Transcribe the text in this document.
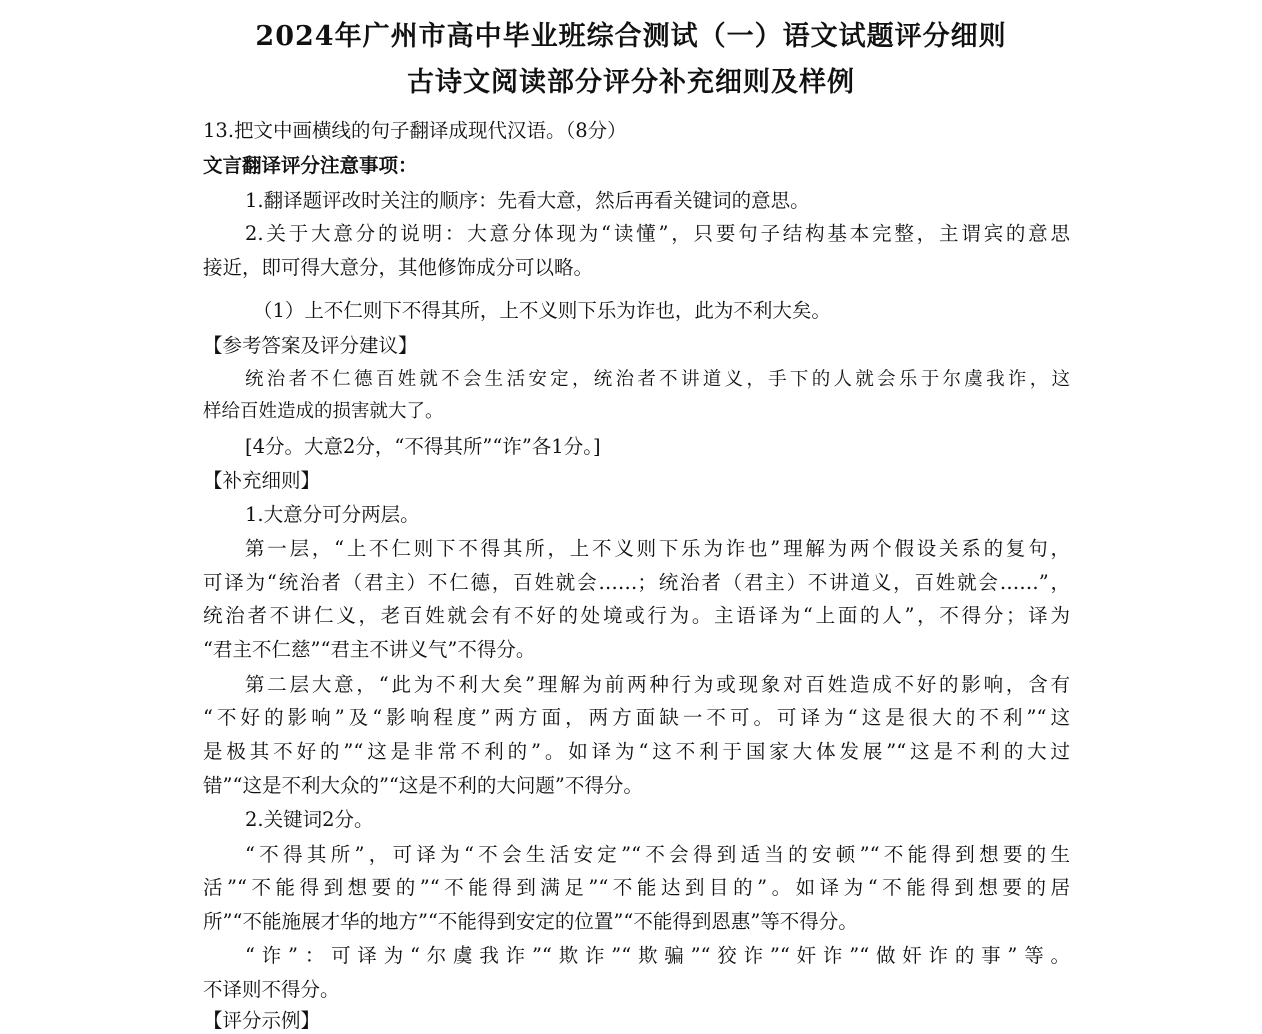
2024年广州市高中毕业班综合测试（一）语文试题评分细则
古诗文阅读部分评分补充细则及样例
13.把文中画横线的句子翻译成现代汉语。（8分）
文言翻译评分注意事项：
1.翻译题评改时关注的顺序：先看大意，然后再看关键词的意思。
2.关于大意分的说明：大意分体现为“读懂”，只要句子结构基本完整，主谓宾的意思
接近，即可得大意分，其他修饰成分可以略。
（1）上不仁则下不得其所，上不义则下乐为诈也，此为不利大矣。
【参考答案及评分建议】
统治者不仁德百姓就不会生活安定，统治者不讲道义，手下的人就会乐于尔虞我诈，这
样给百姓造成的损害就大了。
[4分。大意2分，“不得其所”“诈”各1分。]
【补充细则】
1.大意分可分两层。
第一层，“上不仁则下不得其所，上不义则下乐为诈也”理解为两个假设关系的复句，
可译为“统治者（君主）不仁德，百姓就会……；统治者（君主）不讲道义，百姓就会……”，
统治者不讲仁义，老百姓就会有不好的处境或行为。主语译为“上面的人”，不得分；译为
“君主不仁慈”“君主不讲义气”不得分。
第二层大意，“此为不利大矣”理解为前两种行为或现象对百姓造成不好的影响，含有
“不好的影响”及“影响程度”两方面，两方面缺一不可。可译为“这是很大的不利”“这
是极其不好的”“这是非常不利的”。如译为“这不利于国家大体发展”“这是不利的大过
错”“这是不利大众的”“这是不利的大问题”不得分。
2.关键词2分。
“不得其所”，可译为“不会生活安定”“不会得到适当的安顿”“不能得到想要的生
活”“不能得到想要的”“不能得到满足”“不能达到目的”。如译为“不能得到想要的居
所”“不能施展才华的地方”“不能得到安定的位置”“不能得到恩惠”等不得分。
“诈”：可译为“尔虞我诈”“欺诈”“欺骗”“狡诈”“奸诈”“做奸诈的事”等。
不译则不得分。
【评分示例】
